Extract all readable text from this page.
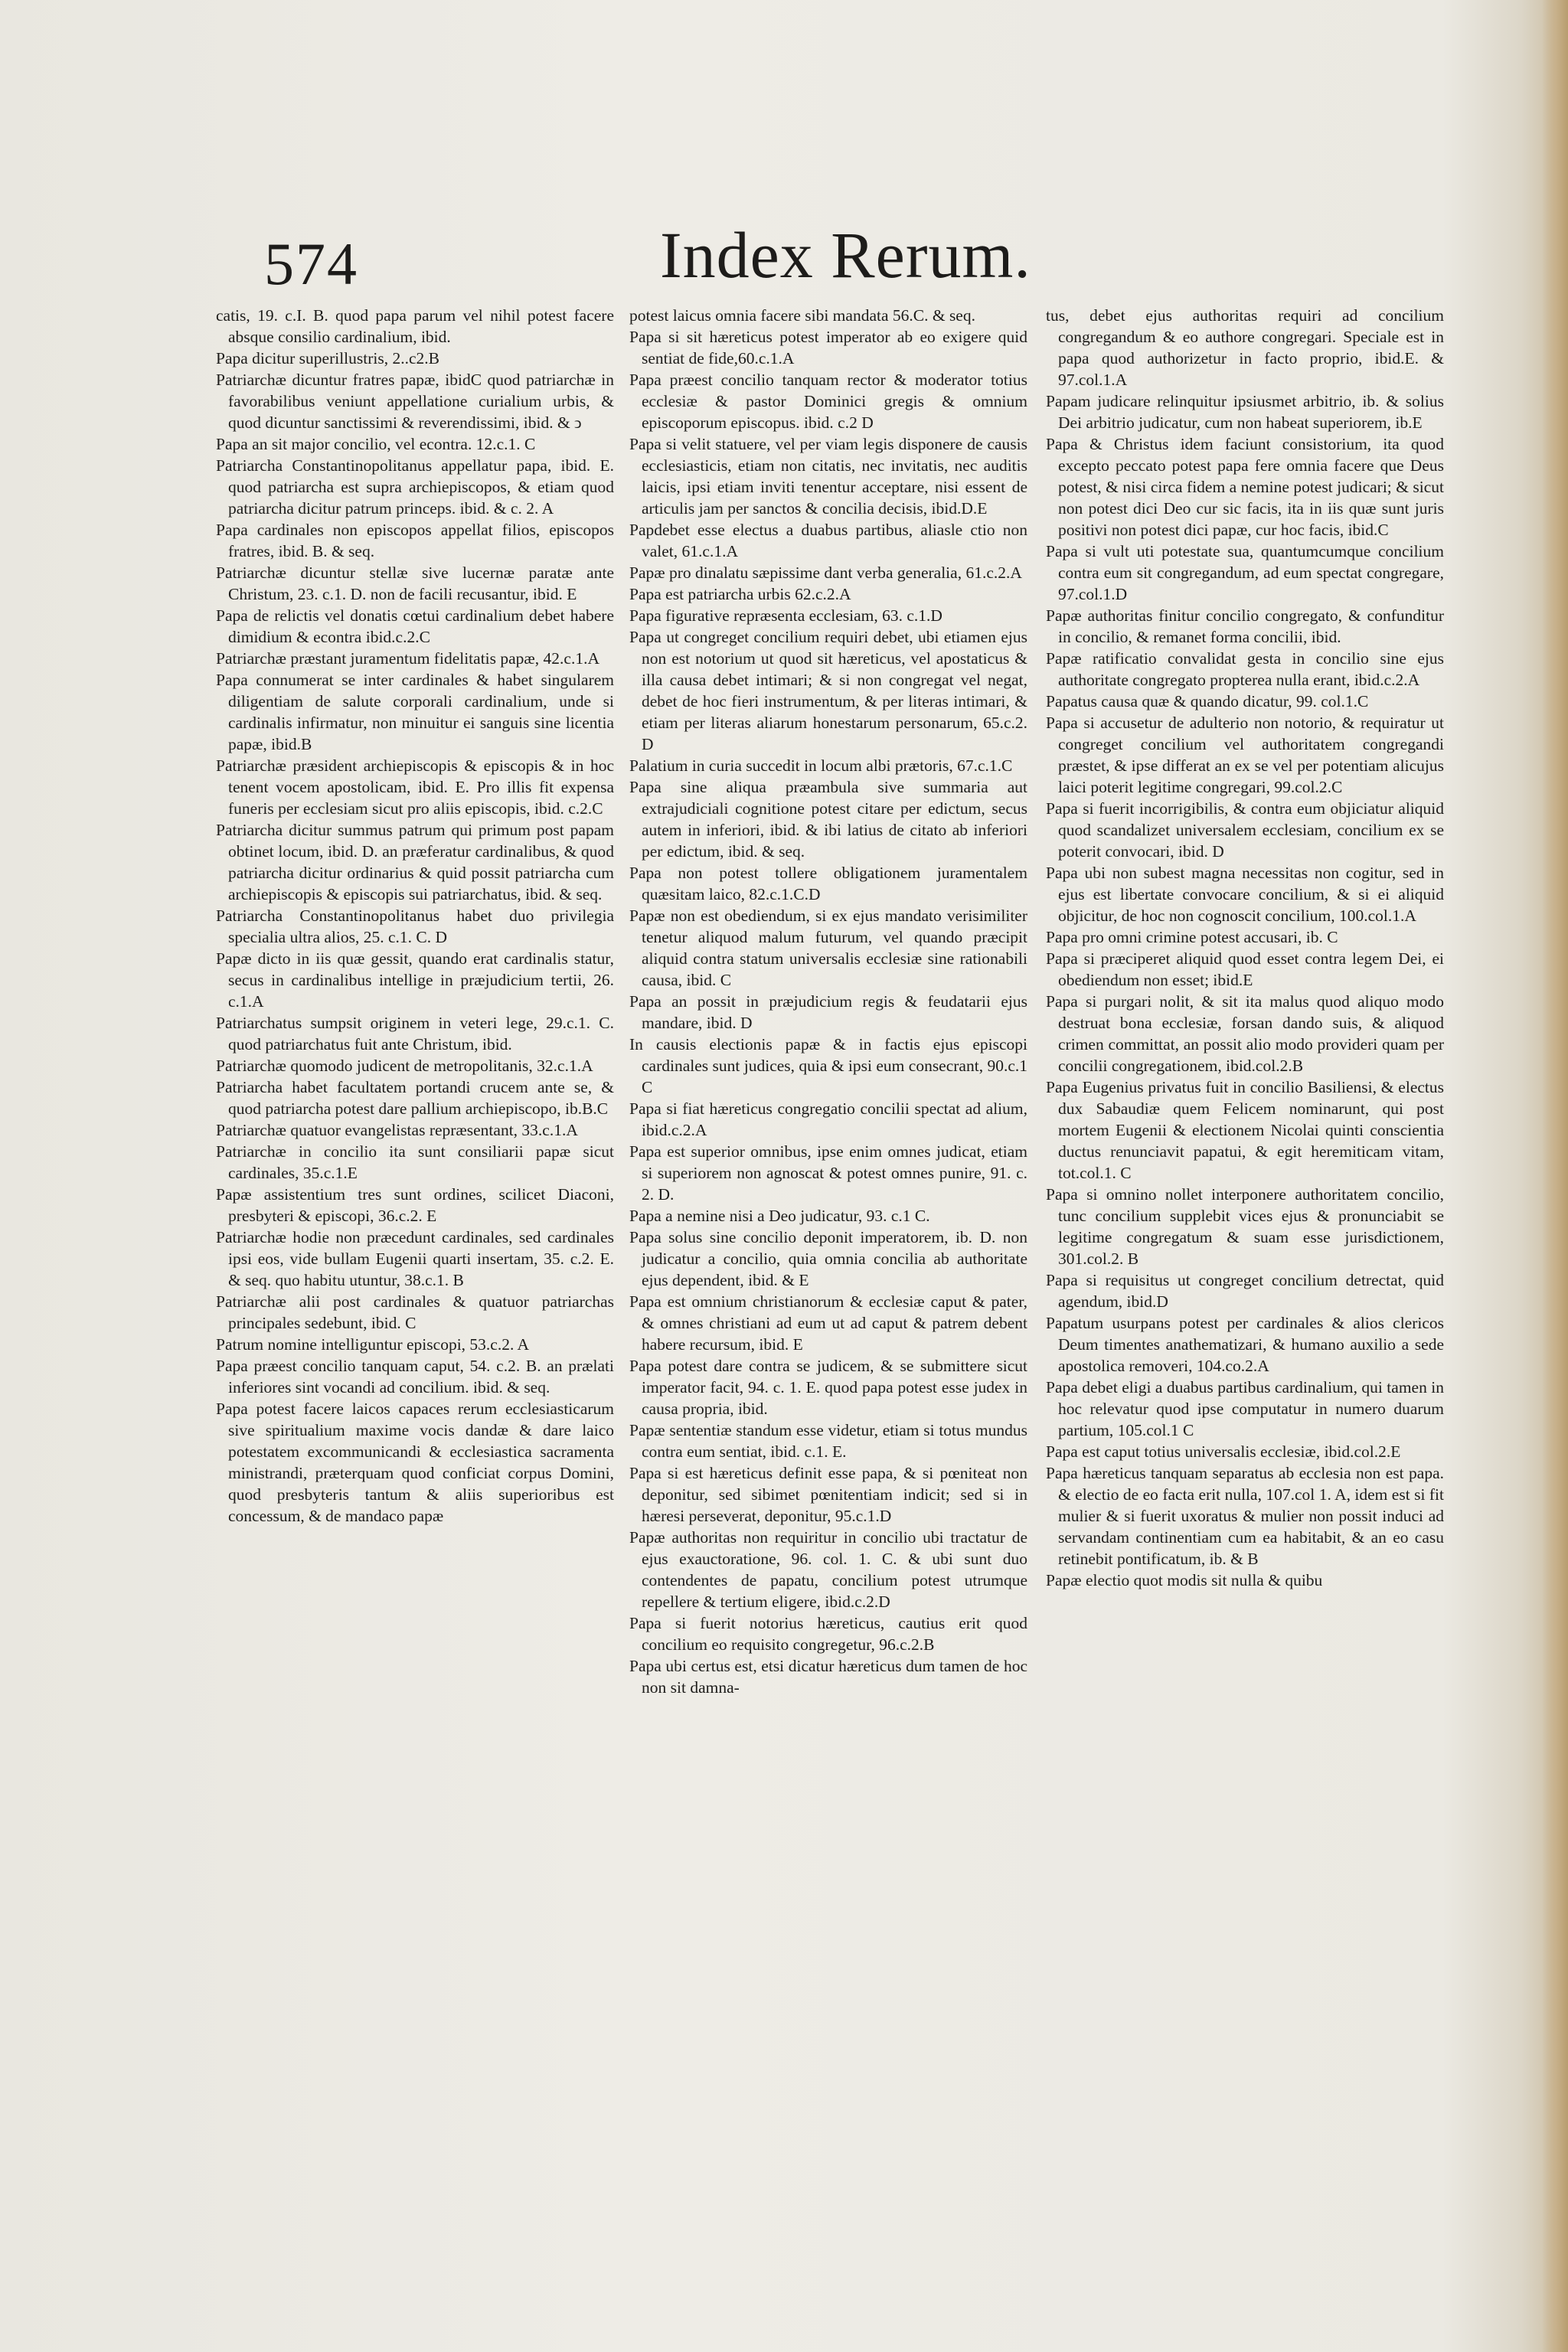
574	Index Rerum.

catis, 19. c.I. B. quod papa parum vel nihil potest facere absque consilio cardinalium, ibid.

Papa dicitur superillustris, 2..c2.B

Patriarchæ dicuntur fratres papæ, ibidC quod patriarchæ in favorabilibus veniunt appellatione curialium urbis, & quod dicuntur sanctissimi & reverendissimi, ibid. & ↄ

Papa an sit major concilio, vel econtra. 12.c.1. C

Patriarcha Constantinopolitanus appellatur papa, ibid. E. quod patriarcha est supra archiepiscopos, & etiam quod patriarcha dicitur patrum princeps. ibid. & c. 2. A

Papa cardinales non episcopos appellat filios, episcopos fratres, ibid. B. & seq.

Patriarchæ dicuntur stellæ sive lucernæ paratæ ante Christum, 23. c.1. D. non de facili recusantur, ibid. E

Papa de relictis vel donatis cœtui cardinalium debet habere dimidium & econtra ibid.c.2.C

Patriarchæ præstant juramentum fidelitatis papæ, 42.c.1.A

Papa connumerat se inter cardinales & habet singularem diligentiam de salute corporali cardinalium, unde si cardinalis infirmatur, non minuitur ei sanguis sine licentia papæ, ibid.B

Patriarchæ præsident archiepiscopis & episcopis & in hoc tenent vocem apostolicam, ibid. E. Pro illis fit expensa funeris per ecclesiam sicut pro aliis episcopis, ibid. c.2.C

Patriarcha dicitur summus patrum qui primum post papam obtinet locum, ibid. D. an præferatur cardinalibus, & quod patriarcha dicitur ordinarius & quid possit patriarcha cum archiepiscopis & episcopis sui patriarchatus, ibid. & seq.

Patriarcha Constantinopolitanus habet duo privilegia specialia ultra alios, 25. c.1. C. D

Papæ dicto in iis quæ gessit, quando erat cardinalis statur, secus in cardinalibus intellige in præjudicium tertii, 26. c.1.A

Patriarchatus sumpsit originem in veteri lege, 29.c.1. C. quod patriarchatus fuit ante Christum, ibid.

Patriarchæ quomodo judicent de metropolitanis, 32.c.1.A

Patriarcha habet facultatem portandi crucem ante se, & quod patriarcha potest dare pallium archiepiscopo, ib.B.C

Patriarchæ quatuor evangelistas repræsentant, 33.c.1.A

Patriarchæ in concilio ita sunt consiliarii papæ sicut cardinales, 35.c.1.E

Papæ assistentium tres sunt ordines, scilicet Diaconi, presbyteri & episcopi, 36.c.2. E

Patriarchæ hodie non præcedunt cardinales, sed cardinales ipsi eos, vide bullam Eugenii quarti insertam, 35. c.2. E. & seq. quo habitu utuntur, 38.c.1. B

Patriarchæ alii post cardinales & quatuor patriarchas principales sedebunt, ibid. C

Patrum nomine intelliguntur episcopi, 53.c.2. A

Papa præest concilio tanquam caput, 54. c.2. B. an prælati inferiores sint vocandi ad concilium. ibid. & seq.

Papa potest facere laicos capaces rerum ecclesiasticarum sive spiritualium maxime vocis dandæ & dare laico potestatem excommunicandi & ecclesiastica sacramenta ministrandi, præterquam quod conficiat corpus Domini, quod presbyteris tantum & aliis superioribus est concessum, & de mandaco papæ

potest laicus omnia facere sibi mandata 56.C. & seq.

Papa si sit hæreticus potest imperator ab eo exigere quid sentiat de fide,60.c.1.A

Papa præest concilio tanquam rector & moderator totius ecclesiæ & pastor Dominici gregis & omnium episcoporum episcopus. ibid. c.2 D

Papa si velit statuere, vel per viam legis disponere de causis ecclesiasticis, etiam non citatis, nec invitatis, nec auditis laicis, ipsi etiam inviti tenentur acceptare, nisi essent de articulis jam per sanctos & concilia decisis, ibid.D.E

Papdebet esse electus a duabus partibus, aliasle ctio non valet, 61.c.1.A

Papæ pro dinalatu sæpissime dant verba generalia, 61.c.2.A

Papa est patriarcha urbis 62.c.2.A

Papa figurative repræsenta ecclesiam, 63. c.1.D

Papa ut congreget concilium requiri debet, ubi etiamen ejus non est notorium ut quod sit hæreticus, vel apostaticus & illa causa debet intimari; & si non congregat vel negat, debet de hoc fieri instrumentum, & per literas intimari, & etiam per literas aliarum honestarum personarum, 65.c.2. D

Palatium in curia succedit in locum albi prætoris, 67.c.1.C

Papa sine aliqua præambula sive summaria aut extrajudiciali cognitione potest citare per edictum, secus autem in inferiori, ibid. & ibi latius de citato ab inferiori per edictum, ibid. & seq.

Papa non potest tollere obligationem juramentalem quæsitam laico, 82.c.1.C.D

Papæ non est obediendum, si ex ejus mandato verisimiliter tenetur aliquod malum futurum, vel quando præcipit aliquid contra statum universalis ecclesiæ sine rationabili causa, ibid. C

Papa an possit in præjudicium regis & feudatarii ejus mandare, ibid. D

In causis electionis papæ & in factis ejus episcopi cardinales sunt judices, quia & ipsi eum consecrant, 90.c.1 C

Papa si fiat hæreticus congregatio concilii spectat ad alium, ibid.c.2.A

Papa est superior omnibus, ipse enim omnes judicat, etiam si superiorem non agnoscat & potest omnes punire, 91. c. 2. D.

Papa a nemine nisi a Deo judicatur, 93. c.1 C.

Papa solus sine concilio deponit imperatorem, ib. D. non judicatur a concilio, quia omnia concilia ab authoritate ejus dependent, ibid. & E

Papa est omnium christianorum & ecclesiæ caput & pater, & omnes christiani ad eum ut ad caput & patrem debent habere recursum, ibid. E

Papa potest dare contra se judicem, & se submittere sicut imperator facit, 94. c. 1. E. quod papa potest esse judex in causa propria, ibid.

Papæ sententiæ standum esse videtur, etiam si totus mundus contra eum sentiat, ibid. c.1. E.

Papa si est hæreticus definit esse papa, & si pœniteat non deponitur, sed sibimet pœnitentiam indicit; sed si in hæresi perseverat, deponitur, 95.c.1.D

Papæ authoritas non requiritur in concilio ubi tractatur de ejus exauctoratione, 96. col. 1. C. & ubi sunt duo contendentes de papatu, concilium potest utrumque repellere & tertium eligere, ibid.c.2.D

Papa si fuerit notorius hæreticus, cautius erit quod concilium eo requisito congregetur, 96.c.2.B

Papa ubi certus est, etsi dicatur hæreticus dum tamen de hoc non sit damna-

tus, debet ejus authoritas requiri ad concilium congregandum & eo authore congregari. Speciale est in papa quod authorizetur in facto proprio, ibid.E. & 97.col.1.A

Papam judicare relinquitur ipsiusmet arbitrio, ib. & solius Dei arbitrio judicatur, cum non habeat superiorem, ib.E

Papa & Christus idem faciunt consistorium, ita quod excepto peccato potest papa fere omnia facere que Deus potest, & nisi circa fidem a nemine potest judicari; & sicut non potest dici Deo cur sic facis, ita in iis quæ sunt juris positivi non potest dici papæ, cur hoc facis, ibid.C

Papa si vult uti potestate sua, quantumcumque concilium contra eum sit congregandum, ad eum spectat congregare, 97.col.1.D

Papæ authoritas finitur concilio congregato, & confunditur in concilio, & remanet forma concilii, ibid.

Papæ ratificatio convalidat gesta in concilio sine ejus authoritate congregato propterea nulla erant, ibid.c.2.A

Papatus causa quæ & quando dicatur, 99. col.1.C

Papa si accusetur de adulterio non notorio, & requiratur ut congreget concilium vel authoritatem congregandi præstet, & ipse differat an ex se vel per potentiam alicujus laici poterit legitime congregari, 99.col.2.C

Papa si fuerit incorrigibilis, & contra eum objiciatur aliquid quod scandalizet universalem ecclesiam, concilium ex se poterit convocari, ibid. D

Papa ubi non subest magna necessitas non cogitur, sed in ejus est libertate convocare concilium, & si ei aliquid objicitur, de hoc non cognoscit concilium, 100.col.1.A

Papa pro omni crimine potest accusari, ib. C

Papa si præciperet aliquid quod esset contra legem Dei, ei obediendum non esset; ibid.E

Papa si purgari nolit, & sit ita malus quod aliquo modo destruat bona ecclesiæ, forsan dando suis, & aliquod crimen committat, an possit alio modo provideri quam per concilii congregationem, ibid.col.2.B

Papa Eugenius privatus fuit in concilio Basiliensi, & electus dux Sabaudiæ quem Felicem nominarunt, qui post mortem Eugenii & electionem Nicolai quinti conscientia ductus renunciavit papatui, & egit heremiticam vitam, tot.col.1. C

Papa si omnino nollet interponere authoritatem concilio, tunc concilium supplebit vices ejus & pronunciabit se legitime congregatum & suam esse jurisdictionem, 301.col.2. B

Papa si requisitus ut congreget concilium detrectat, quid agendum, ibid.D

Papatum usurpans potest per cardinales & alios clericos Deum timentes anathematizari, & humano auxilio a sede apostolica removeri, 104.co.2.A

Papa debet eligi a duabus partibus cardinalium, qui tamen in hoc relevatur quod ipse computatur in numero duarum partium, 105.col.1 C

Papa est caput totius universalis ecclesiæ, ibid.col.2.E

Papa hæreticus tanquam separatus ab ecclesia non est papa. & electio de eo facta erit nulla, 107.col 1. A, idem est si fit mulier & si fuerit uxoratus & mulier non possit induci ad servandam continentiam cum ea habitabit, & an eo casu retinebit pontificatum, ib. & B

Papæ electio quot modis sit nulla & quibu
